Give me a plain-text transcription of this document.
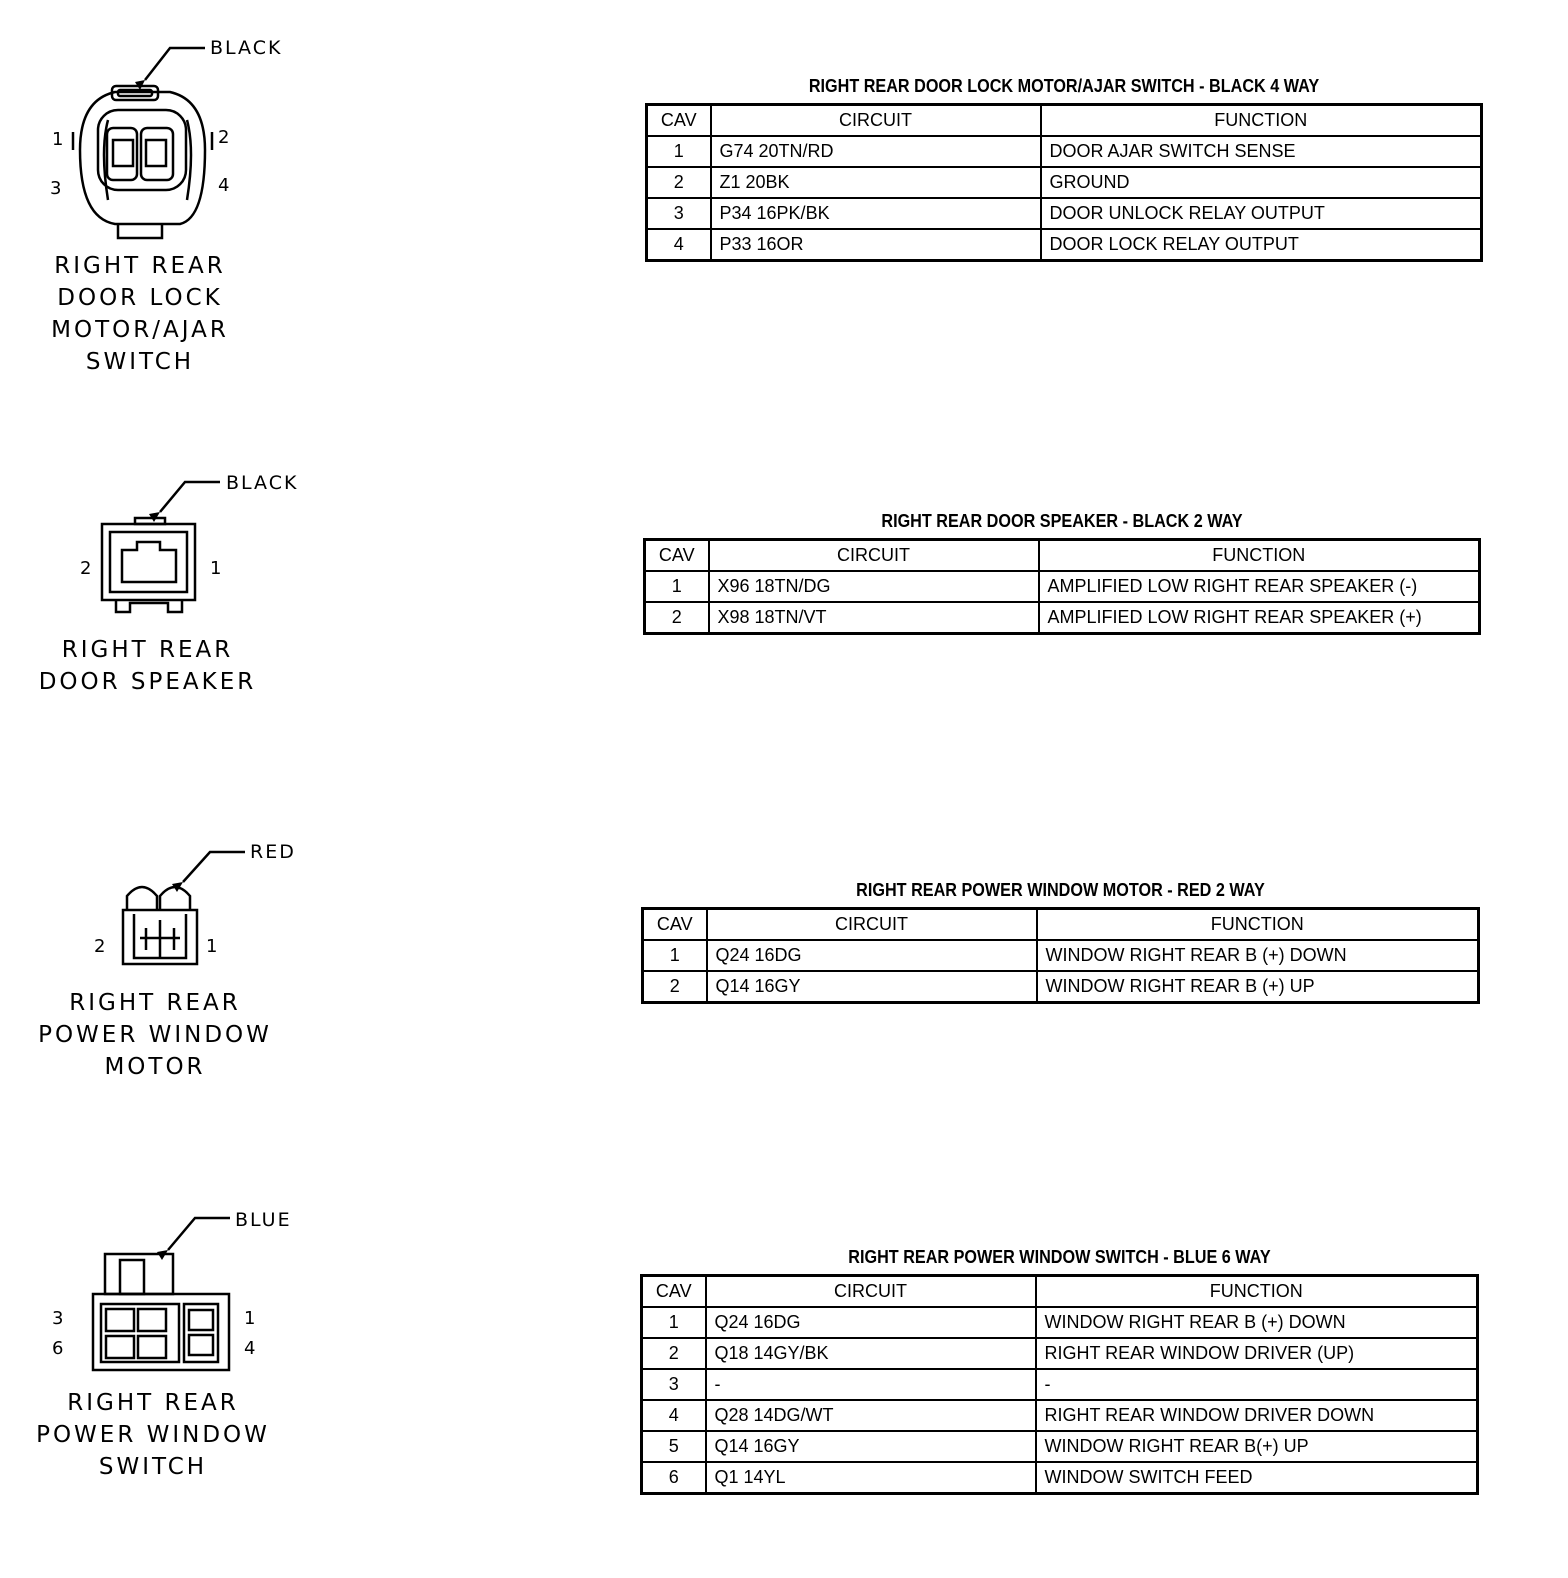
BLACK
1	2
3	4
RIGHT REAR
DOOR LOCK
MOTOR/AJAR
SWITCH
RIGHT REAR DOOR LOCK MOTOR/AJAR SWITCH - BLACK 4 WAY
CAV	CIRCUIT	FUNCTION
1	G74 20TN/RD	DOOR AJAR SWITCH SENSE
2	Z1 20BK	GROUND
3	P34 16PK/BK	DOOR UNLOCK RELAY OUTPUT
4	P33 16OR	DOOR LOCK RELAY OUTPUT
BLACK
2	1
RIGHT REAR
DOOR SPEAKER
RIGHT REAR DOOR SPEAKER - BLACK 2 WAY
CAV	CIRCUIT	FUNCTION
1	X96 18TN/DG	AMPLIFIED LOW RIGHT REAR SPEAKER (-)
2	X98 18TN/VT	AMPLIFIED LOW RIGHT REAR SPEAKER (+)
RED
2	1
RIGHT REAR
POWER WINDOW
MOTOR
RIGHT REAR POWER WINDOW MOTOR - RED 2 WAY
CAV	CIRCUIT	FUNCTION
1	Q24 16DG	WINDOW RIGHT REAR B (+) DOWN
2	Q14 16GY	WINDOW RIGHT REAR B (+) UP
BLUE
3
6
1
4
RIGHT REAR
POWER WINDOW
SWITCH
RIGHT REAR POWER WINDOW SWITCH - BLUE 6 WAY
CAV	CIRCUIT	FUNCTION
1	Q24 16DG	WINDOW RIGHT REAR B (+) DOWN
2	Q18 14GY/BK	RIGHT REAR WINDOW DRIVER (UP)
3	-	-
4	Q28 14DG/WT	RIGHT REAR WINDOW DRIVER DOWN
5	Q14 16GY	WINDOW RIGHT REAR B(+) UP
6	Q1 14YL	WINDOW SWITCH FEED
